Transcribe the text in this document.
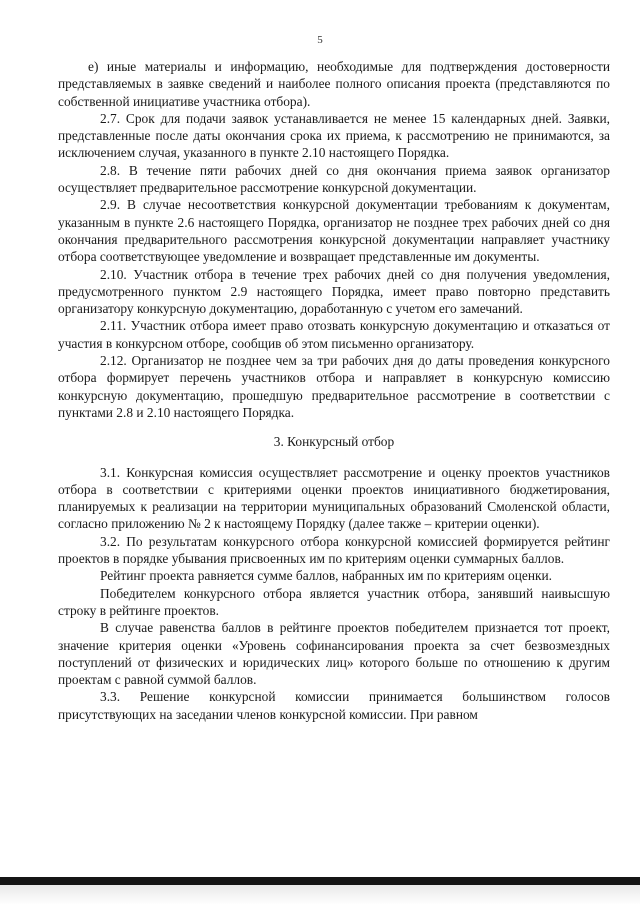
5

е) иные материалы и информацию, необходимые для подтверждения достоверности представляемых в заявке сведений и наиболее полного описания проекта (представляются по собственной инициативе участника отбора).

2.7. Срок для подачи заявок устанавливается не менее 15 календарных дней. Заявки, представленные после даты окончания срока их приема, к рассмотрению не принимаются, за исключением случая, указанного в пункте 2.10 настоящего Порядка.

2.8. В течение пяти рабочих дней со дня окончания приема заявок организатор осуществляет предварительное рассмотрение конкурсной документации.

2.9. В случае несоответствия конкурсной документации требованиям к документам, указанным в пункте 2.6 настоящего Порядка, организатор не позднее трех рабочих дней со дня окончания предварительного рассмотрения конкурсной документации направляет участнику отбора соответствующее уведомление и возвращает представленные им документы.

2.10. Участник отбора в течение трех рабочих дней со дня получения уведомления, предусмотренного пунктом 2.9 настоящего Порядка, имеет право повторно представить организатору конкурсную документацию, доработанную с учетом его замечаний.

2.11. Участник отбора имеет право отозвать конкурсную документацию и отказаться от участия в конкурсном отборе, сообщив об этом письменно организатору.

2.12. Организатор не позднее чем за три рабочих дня до даты проведения конкурсного отбора формирует перечень участников отбора и направляет в конкурсную комиссию конкурсную документацию, прошедшую предварительное рассмотрение в соответствии с пунктами 2.8 и 2.10 настоящего Порядка.

3. Конкурсный отбор

3.1. Конкурсная комиссия осуществляет рассмотрение и оценку проектов участников отбора в соответствии с критериями оценки проектов инициативного бюджетирования, планируемых к реализации на территории муниципальных образований Смоленской области, согласно приложению № 2 к настоящему Порядку (далее также – критерии оценки).

3.2. По результатам конкурсного отбора конкурсной комиссией формируется рейтинг проектов в порядке убывания присвоенных им по критериям оценки суммарных баллов.

Рейтинг проекта равняется сумме баллов, набранных им по критериям оценки.

Победителем конкурсного отбора является участник отбора, занявший наивысшую строку в рейтинге проектов.

В случае равенства баллов в рейтинге проектов победителем признается тот проект, значение критерия оценки «Уровень софинансирования проекта за счет безвозмездных поступлений от физических и юридических лиц» которого больше по отношению к другим проектам с равной суммой баллов.

3.3. Решение конкурсной комиссии принимается большинством голосов присутствующих на заседании членов конкурсной комиссии. При равном
